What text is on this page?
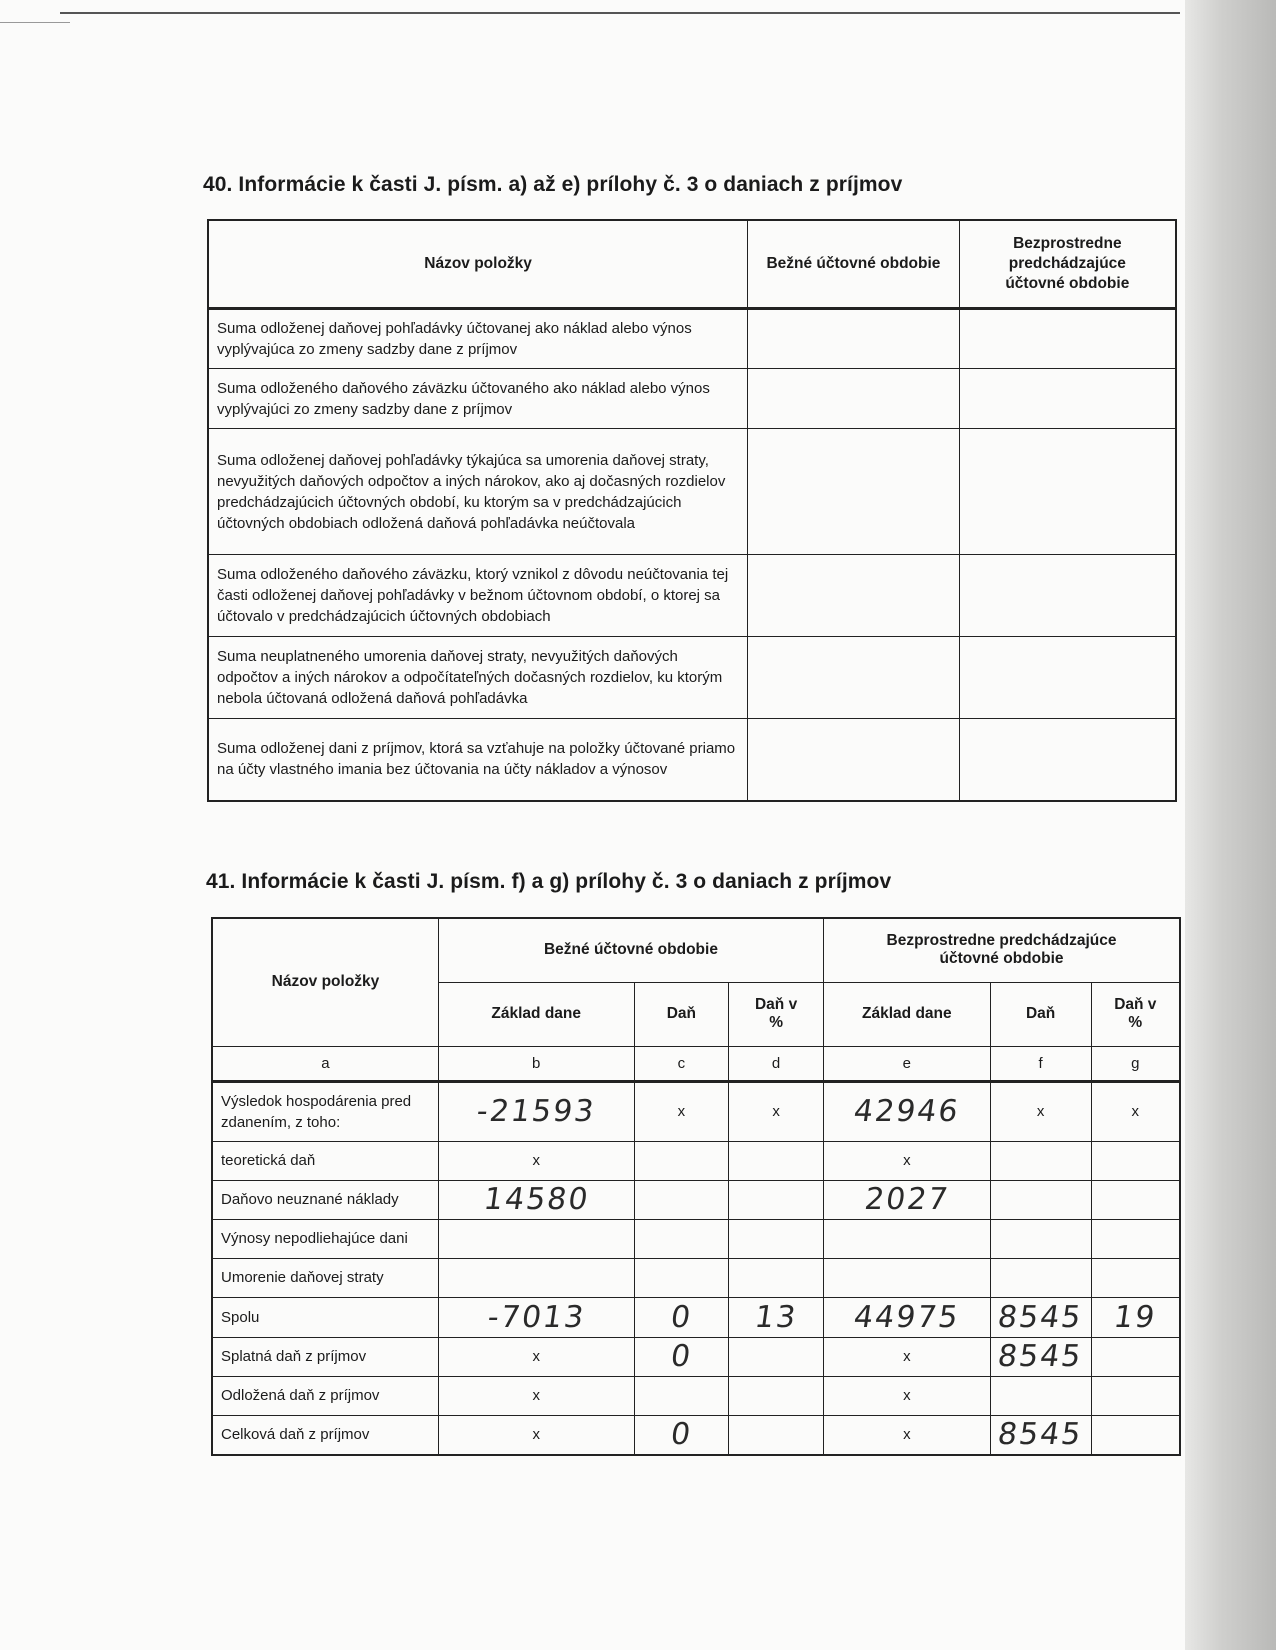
40. Informácie k časti J. písm. a) až e) prílohy č. 3 o daniach z príjmov
Názov položky	Bežné účtovné obdobie	Bezprostredne predchádzajúce účtovné obdobie
Suma odloženej daňovej pohľadávky účtovanej ako náklad alebo výnos vyplývajúca zo zmeny sadzby dane z príjmov		
Suma odloženého daňového záväzku účtovaného ako náklad alebo výnos vyplývajúci zo zmeny sadzby dane z príjmov		
Suma odloženej daňovej pohľadávky týkajúca sa umorenia daňovej straty, nevyužitých daňových odpočtov a iných nárokov, ako aj dočasných rozdielov predchádzajúcich účtovných období, ku ktorým sa v predchádzajúcich účtovných obdobiach odložená daňová pohľadávka neúčtovala		
Suma odloženého daňového záväzku, ktorý vznikol z dôvodu neúčtovania tej časti odloženej daňovej pohľadávky v bežnom účtovnom období, o ktorej sa účtovalo v predchádzajúcich účtovných obdobiach		
Suma neuplatneného umorenia daňovej straty, nevyužitých daňových odpočtov a iných nárokov a odpočítateľných dočasných rozdielov, ku ktorým nebola účtovaná odložená daňová pohľadávka		
Suma odloženej dani z príjmov, ktorá sa vzťahuje na položky účtované priamo na účty vlastného imania bez účtovania na účty nákladov a výnosov		
41. Informácie k časti J. písm. f) a g) prílohy č. 3 o daniach z príjmov
Názov položky	Bežné účtovné obdobie			Bezprostredne predchádzajúce účtovné obdobie		
	Základ dane	Daň	Daň v %	Základ dane	Daň	Daň v %
a	b	c	d	e	f	g
Výsledok hospodárenia pred zdanením, z toho:	-21593	x	x	42946	x	x
teoretická daň	x			x		
Daňovo neuznané náklady	14580			2027		
Výnosy nepodliehajúce dani						
Umorenie daňovej straty						
Spolu	-7013	0	13	44975	8545	19
Splatná daň z príjmov	x	0		x	8545	
Odložená daň z príjmov	x			x		
Celková daň z príjmov	x	0		x	8545	
